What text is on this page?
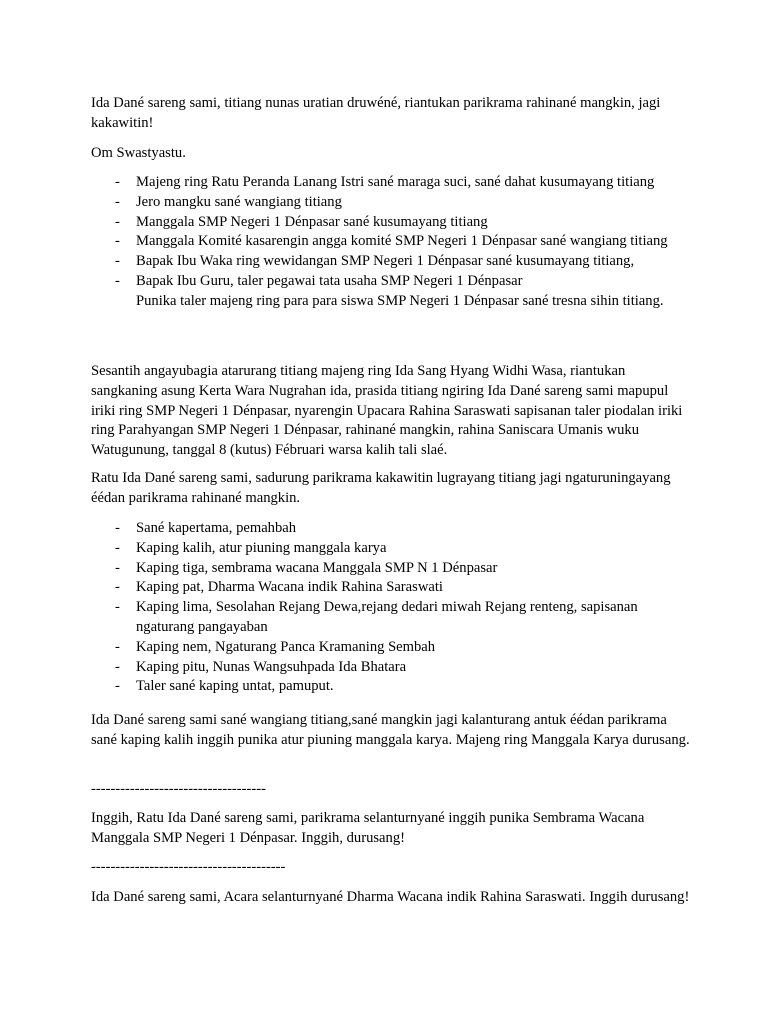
Ida Dané sareng sami, titiang nunas uratian druwéné, riantukan parikrama rahinané mangkin, jagi kakawitin!

Om Swastyastu.

- Majeng ring Ratu Peranda Lanang Istri sané maraga suci, sané dahat kusumayang titiang
- Jero mangku sané wangiang titiang
- Manggala SMP Negeri 1 Dénpasar sané kusumayang titiang
- Manggala Komité kasarengin angga komité SMP Negeri 1 Dénpasar sané wangiang titiang
- Bapak Ibu Waka ring wewidangan SMP Negeri 1 Dénpasar sané kusumayang titiang,
- Bapak Ibu Guru, taler pegawai tata usaha SMP Negeri 1 Dénpasar
Punika taler majeng ring para para siswa SMP Negeri 1 Dénpasar sané tresna sihin titiang.

Sesantih angayubagia atarurang titiang majeng ring Ida Sang Hyang Widhi Wasa, riantukan sangkaning asung Kerta Wara Nugrahan ida, prasida titiang ngiring Ida Dané sareng sami mapupul iriki ring SMP Negeri 1 Dénpasar, nyarengin Upacara Rahina Saraswati sapisanan taler piodalan iriki ring Parahyangan SMP Negeri 1 Dénpasar, rahinané mangkin, rahina Saniscara Umanis wuku Watugunung, tanggal 8 (kutus) Fébruari warsa kalih tali slaé.

Ratu Ida Dané sareng sami, sadurung parikrama kakawitin lugrayang titiang jagi ngaturuningayang éédan parikrama rahinané mangkin.

- Sané kapertama, pemahbah
- Kaping kalih, atur piuning manggala karya
- Kaping tiga, sembrama wacana Manggala SMP N 1 Dénpasar
- Kaping pat, Dharma Wacana indik Rahina Saraswati
- Kaping lima, Sesolahan Rejang Dewa,rejang dedari miwah Rejang renteng, sapisanan ngaturang pangayaban
- Kaping nem, Ngaturang Panca Kramaning Sembah
- Kaping pitu, Nunas Wangsuhpada Ida Bhatara
- Taler sané kaping untat, pamuput.

Ida Dané sareng sami sané wangiang titiang,sané mangkin jagi kalanturang antuk éédan parikrama sané kaping kalih inggih punika atur piuning manggala karya. Majeng ring Manggala Karya durusang.

------------------------------------

Inggih, Ratu Ida Dané sareng sami, parikrama selanturnyané inggih punika Sembrama Wacana Manggala SMP Negeri 1 Dénpasar. Inggih, durusang!

----------------------------------------

Ida Dané sareng sami, Acara selanturnyané Dharma Wacana indik Rahina Saraswati. Inggih durusang!
